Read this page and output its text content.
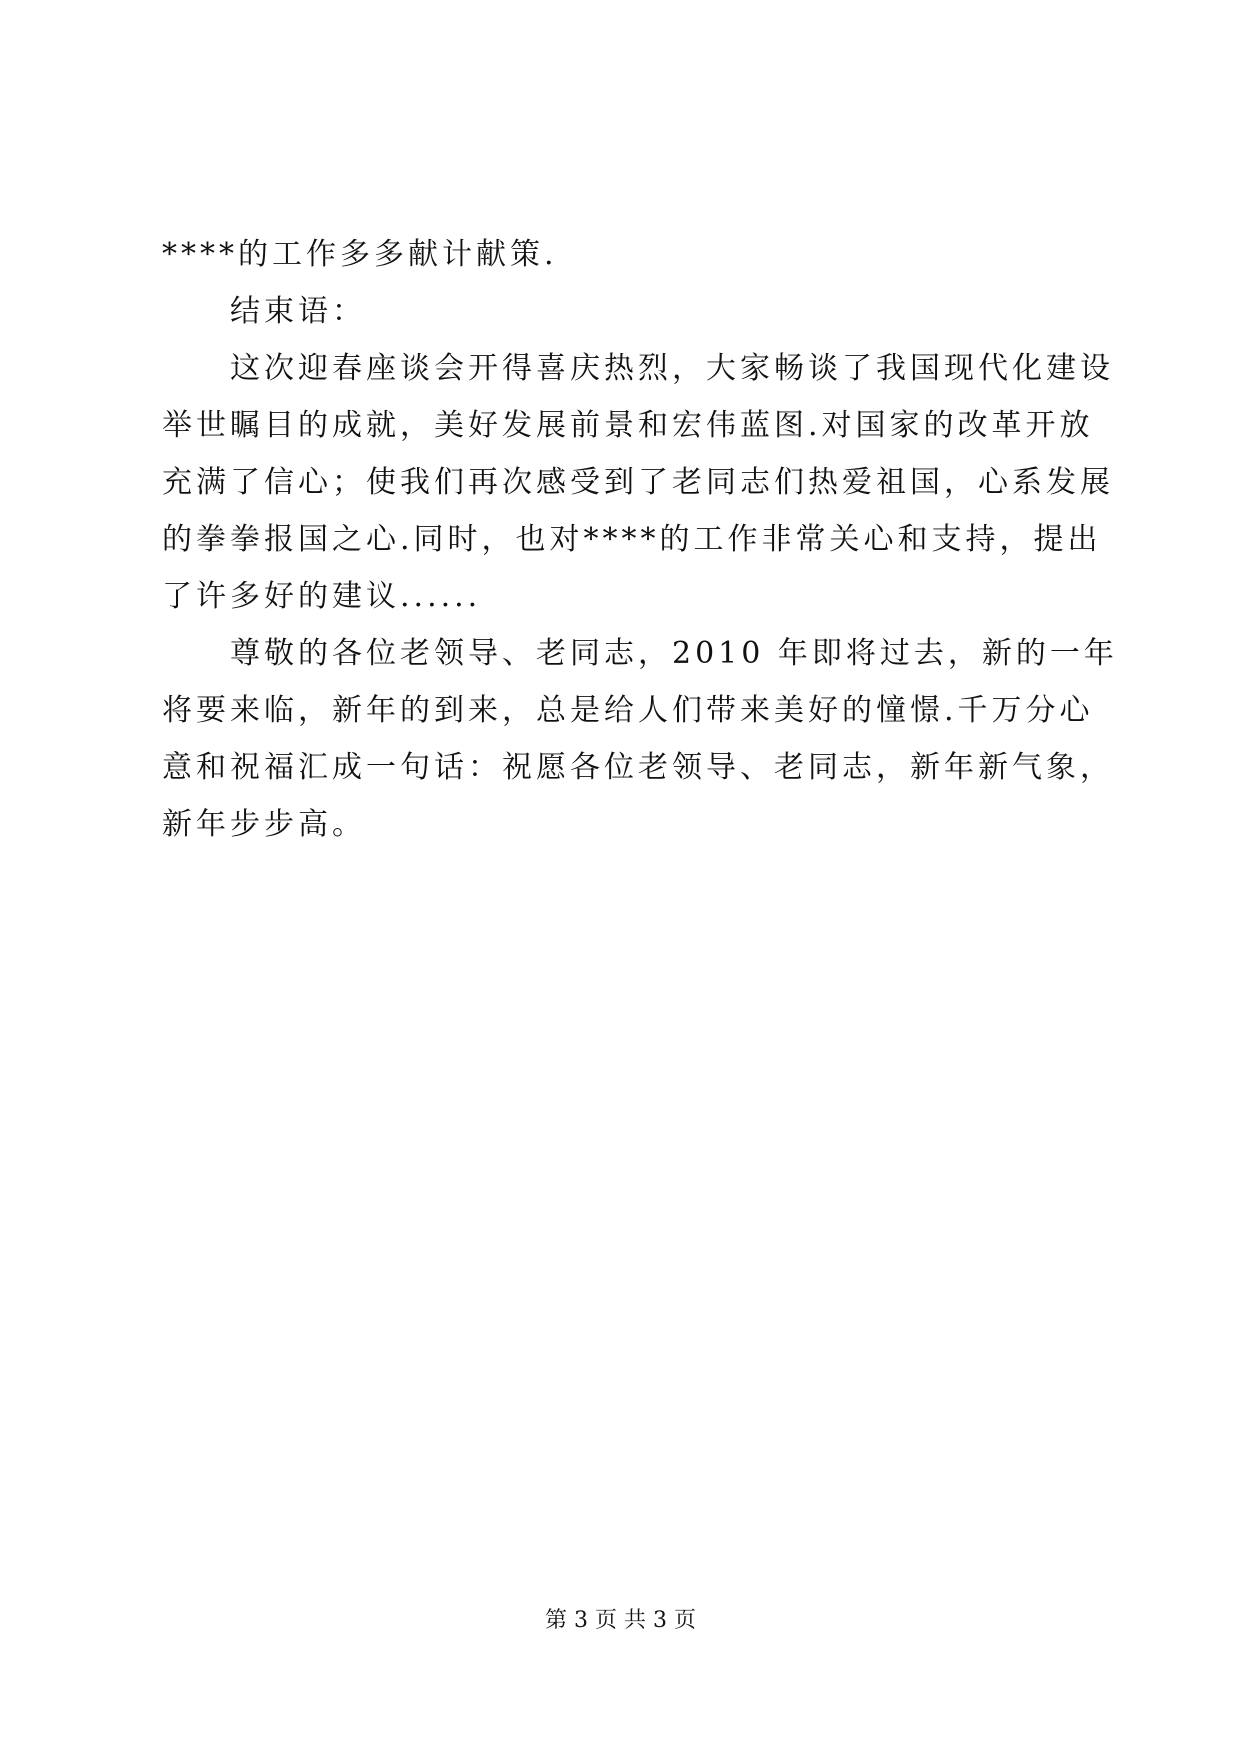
****的工作多多献计献策.
结束语：
这次迎春座谈会开得喜庆热烈，大家畅谈了我国现代化建设
举世瞩目的成就，美好发展前景和宏伟蓝图.对国家的改革开放
充满了信心；使我们再次感受到了老同志们热爱祖国，心系发展
的拳拳报国之心.同时，也对****的工作非常关心和支持，提出
了许多好的建议......
尊敬的各位老领导、老同志，2010 年即将过去，新的一年
将要来临，新年的到来，总是给人们带来美好的憧憬.千万分心
意和祝福汇成一句话：祝愿各位老领导、老同志，新年新气象，
新年步步高。
第 3 页 共 3 页
